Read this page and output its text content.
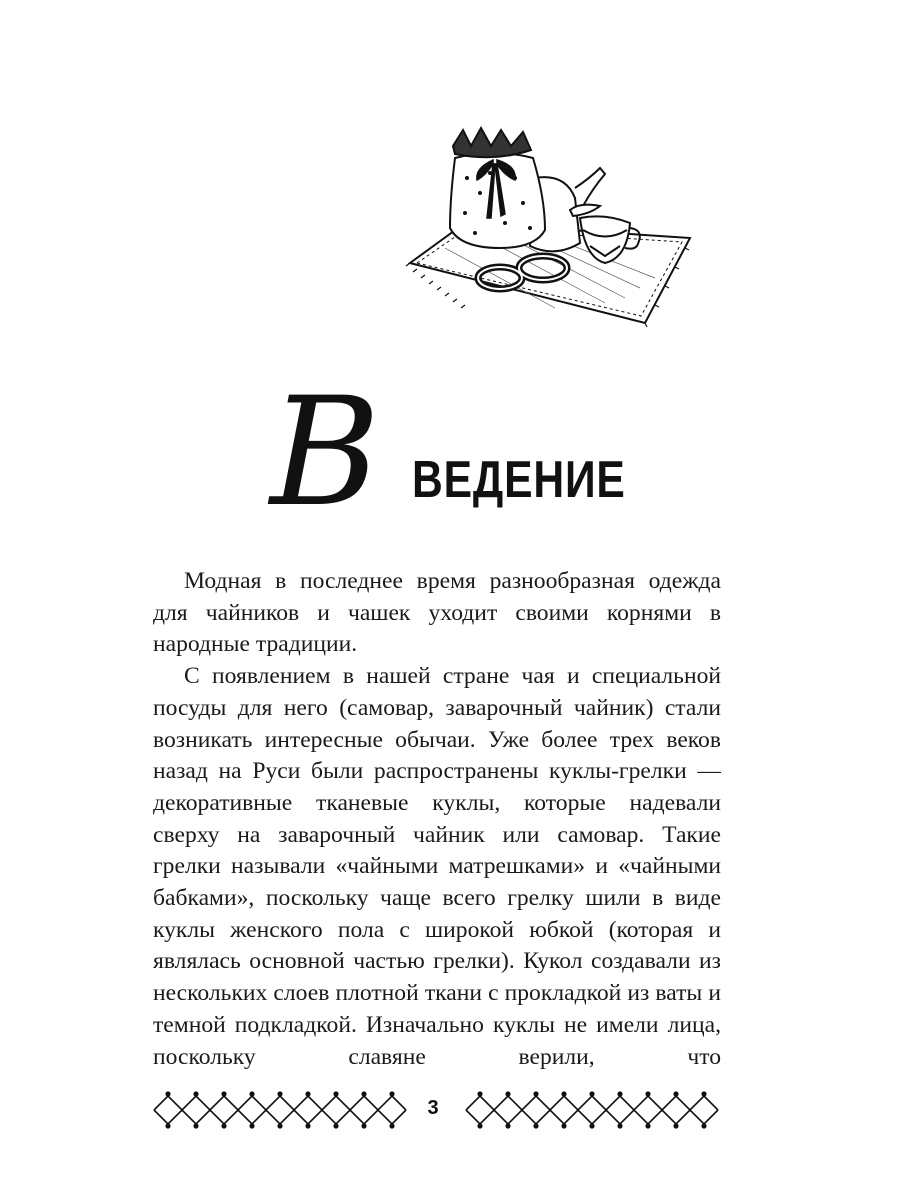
В ВЕДЕНИЕ

Модная в последнее время разнообразная одежда для чайников и чашек уходит своими корнями в народные традиции.

С появлением в нашей стране чая и специальной посуды для него (самовар, заварочный чайник) стали возникать интересные обычаи. Уже более трех веков назад на Руси были распространены куклы-грелки — декоративные тканевые куклы, которые надевали сверху на заварочный чайник или самовар. Такие грелки называли «чайными матрешками» и «чайными бабками», поскольку чаще всего грелку шили в виде куклы женского пола с широкой юбкой (которая и являлась основной частью грелки). Кукол создавали из нескольких слоев плотной ткани с прокладкой из ваты и темной подкладкой. Изначально куклы не имели лица, поскольку славяне верили, что

3
